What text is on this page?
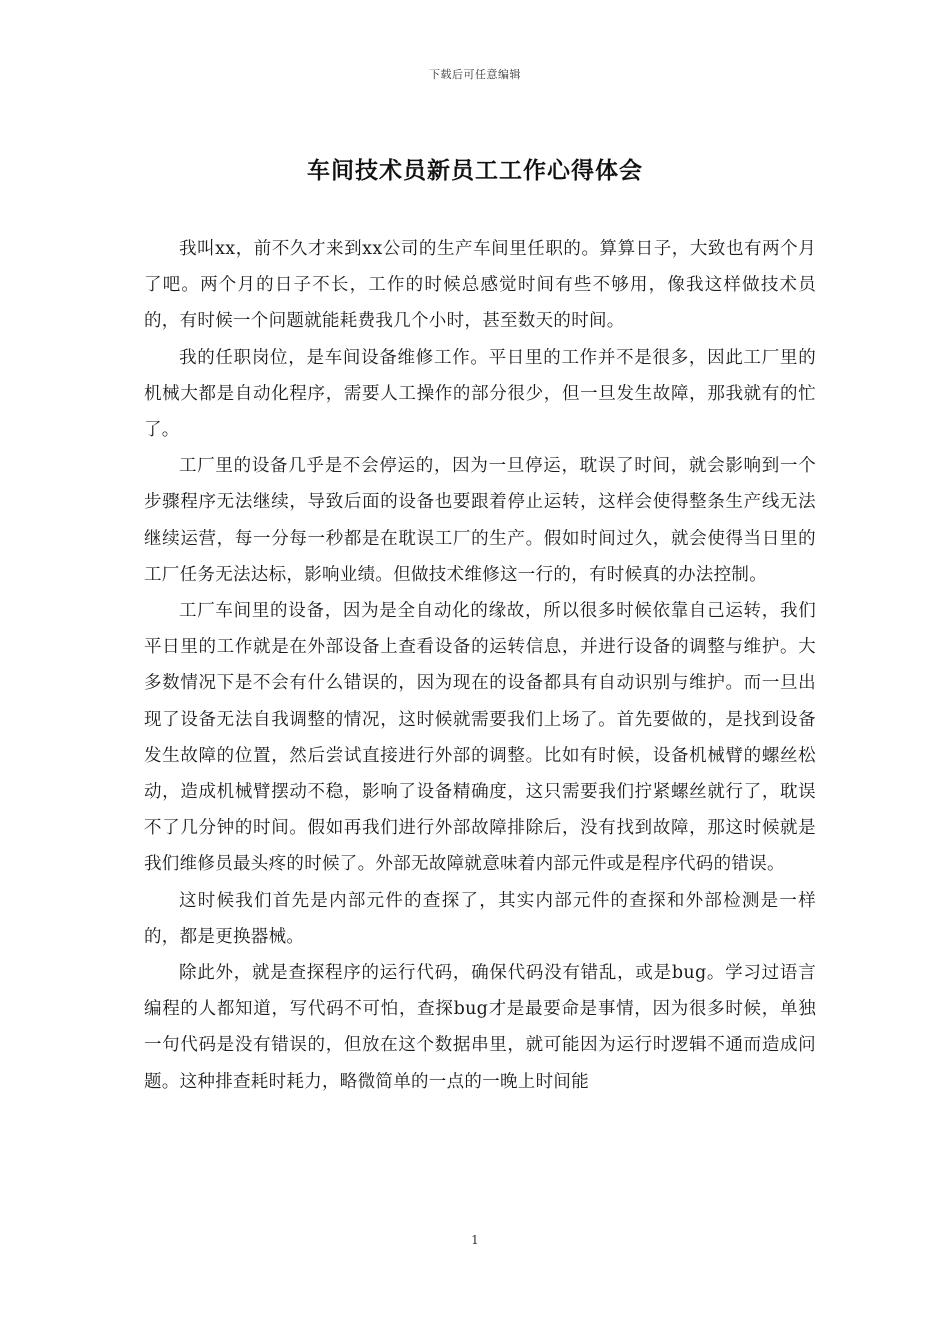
下载后可任意编辑
车间技术员新员工工作心得体会

我叫xx，前不久才来到xx公司的生产车间里任职的。算算日子，大致也有两个月了吧。两个月的日子不长，工作的时候总感觉时间有些不够用，像我这样做技术员的，有时候一个问题就能耗费我几个小时，甚至数天的时间。

我的任职岗位，是车间设备维修工作。平日里的工作并不是很多，因此工厂里的机械大都是自动化程序，需要人工操作的部分很少，但一旦发生故障，那我就有的忙了。

工厂里的设备几乎是不会停运的，因为一旦停运，耽误了时间，就会影响到一个步骤程序无法继续，导致后面的设备也要跟着停止运转，这样会使得整条生产线无法继续运营，每一分每一秒都是在耽误工厂的生产。假如时间过久，就会使得当日里的工厂任务无法达标，影响业绩。但做技术维修这一行的，有时候真的办法控制。

工厂车间里的设备，因为是全自动化的缘故，所以很多时候依靠自己运转，我们平日里的工作就是在外部设备上查看设备的运转信息，并进行设备的调整与维护。大多数情况下是不会有什么错误的，因为现在的设备都具有自动识别与维护。而一旦出现了设备无法自我调整的情况，这时候就需要我们上场了。首先要做的，是找到设备发生故障的位置，然后尝试直接进行外部的调整。比如有时候，设备机械臂的螺丝松动，造成机械臂摆动不稳，影响了设备精确度，这只需要我们拧紧螺丝就行了，耽误不了几分钟的时间。假如再我们进行外部故障排除后，没有找到故障，那这时候就是我们维修员最头疼的时候了。外部无故障就意味着内部元件或是程序代码的错误。

这时候我们首先是内部元件的查探了，其实内部元件的查探和外部检测是一样的，都是更换器械。

除此外，就是查探程序的运行代码，确保代码没有错乱，或是bug。学习过语言编程的人都知道，写代码不可怕，查探bug才是最要命是事情，因为很多时候，单独一句代码是没有错误的，但放在这个数据串里，就可能因为运行时逻辑不通而造成问题。这种排查耗时耗力，略微简单的一点的一晚上时间能

1
